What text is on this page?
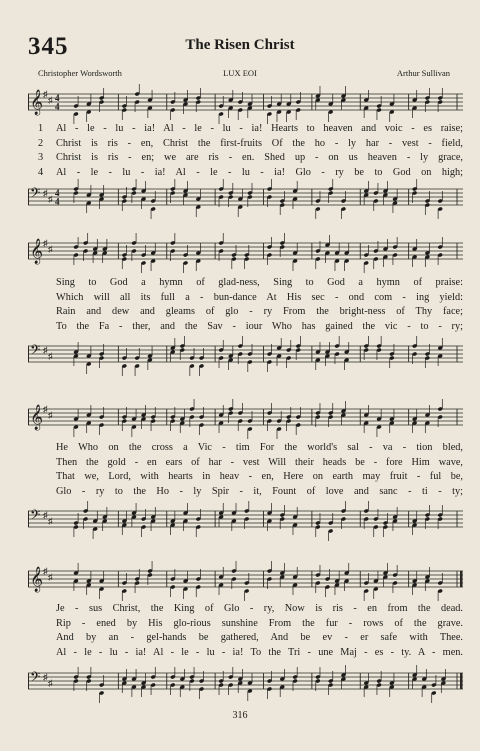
345	The Risen Christ
Christopher Wordsworth	LUX EOI	Arthur Sullivan
𝄞 ♯
♯ 4
4
1	Al - le - lu - ia! Al - le - lu - ia! Hearts to heaven and voic - es raise;
2	Christ is ris - en, Christ the first-fruits Of the ho - ly har - vest - field,
3	Christ is ris - en; we are ris - en. Shed up - on us heaven - ly grace,
4	Al - le - lu - ia! Al - le - lu - ia! Glo - ry be to God on high;
𝄢 ♯
♯
4
4
𝄞 ♯
♯
Sing to God a hymn of glad-ness, Sing to God a hymn of praise:
Which will all its full a - bun-dance At His sec - ond com - ing yield:
Rain and dew and gleams of glo - ry From the bright-ness of Thy face;
To the Fa - ther, and the Sav - iour Who has gained the vic - to - ry;
𝄢 ♯
♯
𝄞 ♯
♯
He Who on the cross a Vic - tim For the world's sal - va - tion bled,
Then the gold - en ears of har - vest Will their heads be - fore Him wave,
That we, Lord, with hearts in heav - en, Here on earth may fruit - ful be,
Glo - ry to the Ho - ly Spir - it, Fount of love and sanc - ti - ty;
𝄢 ♯
♯
𝄞 ♯
♯
Je - sus Christ, the King of Glo - ry, Now is ris - en from the dead.
Rip - ened by His glo-rious sunshine From the fur - rows of the grave.
And by an - gel-hands be gathered, And be ev - er safe with Thee.
Al - le - lu - ia! Al - le - lu - ia! To the Tri - une Maj - es - ty. A - men.
𝄢 ♯
♯
316
